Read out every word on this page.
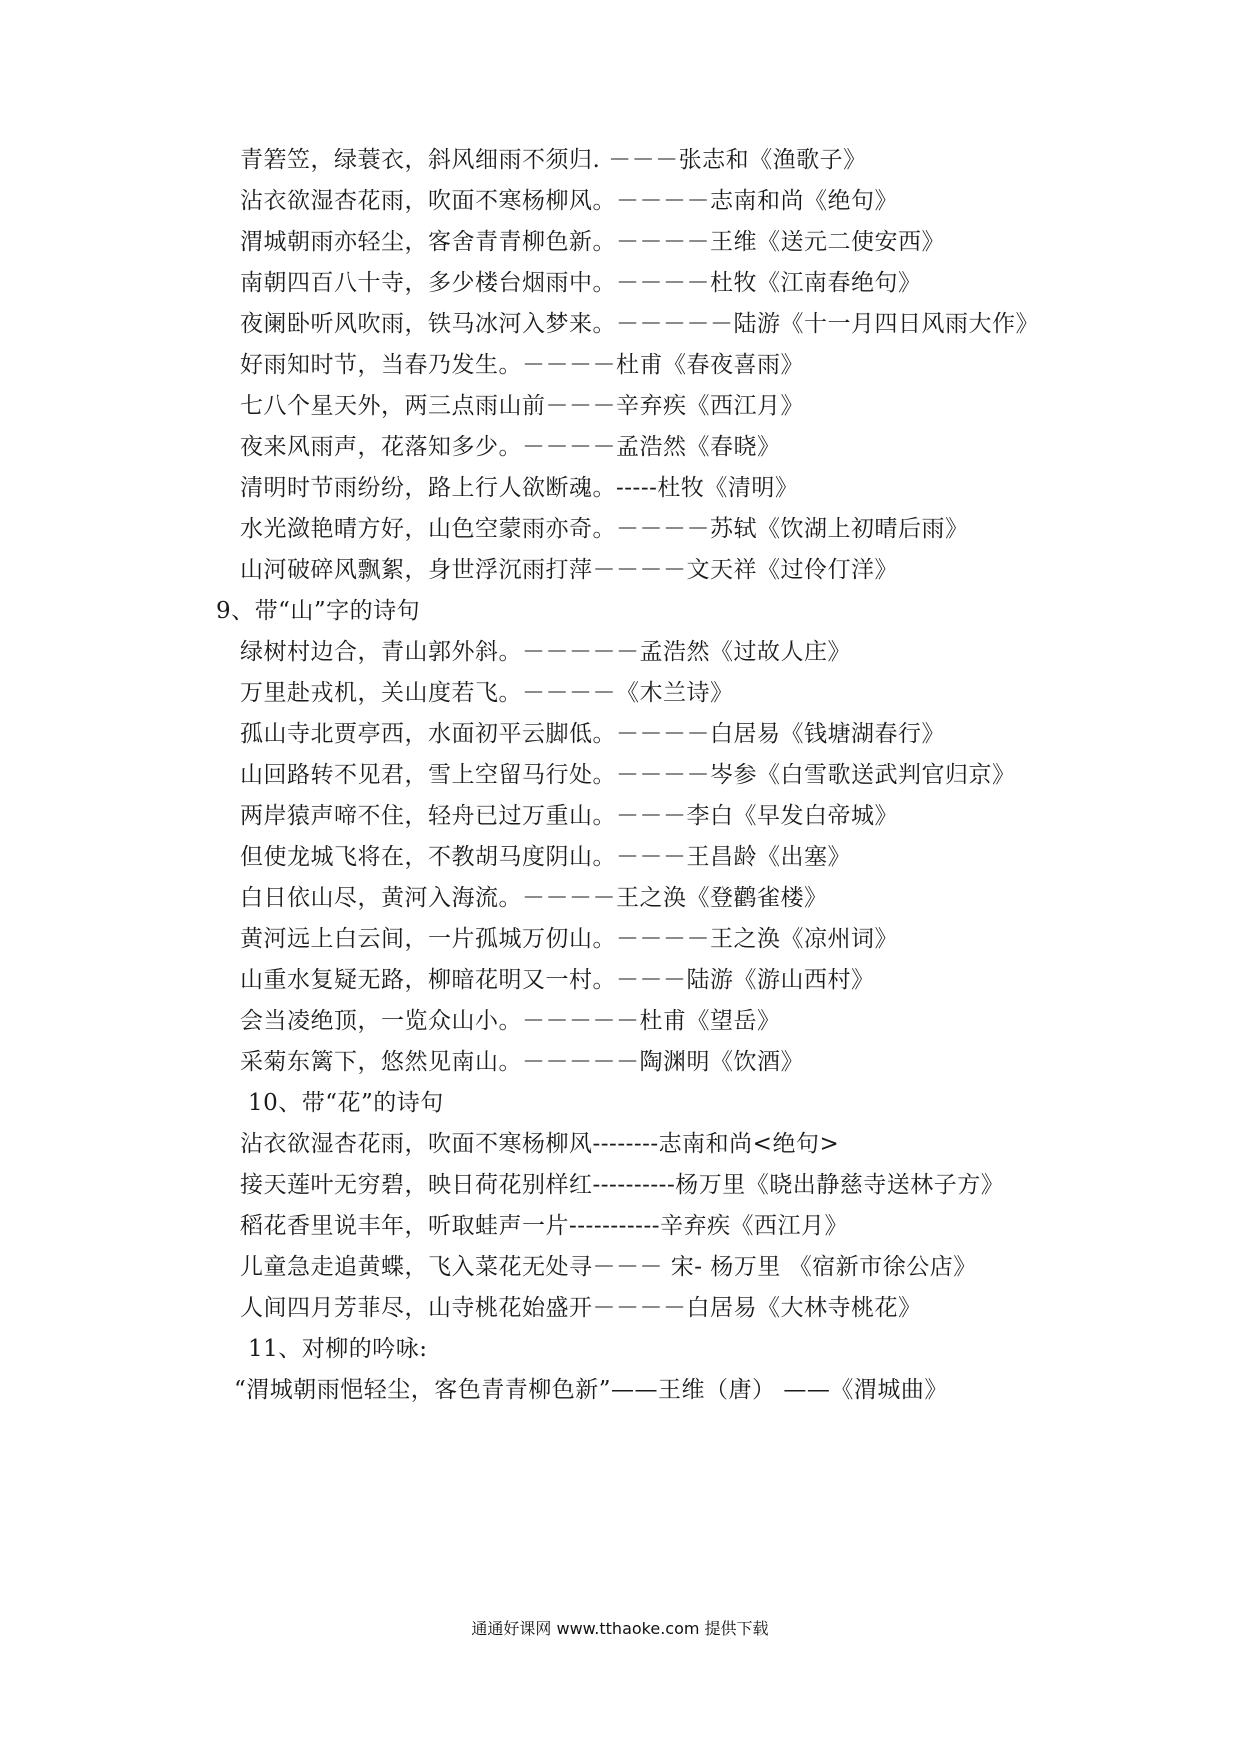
青箬笠，绿蓑衣，斜风细雨不须归. －－－张志和《渔歌子》
沾衣欲湿杏花雨，吹面不寒杨柳风。－－－－志南和尚《绝句》
渭城朝雨亦轻尘，客舍青青柳色新。－－－－王维《送元二使安西》
南朝四百八十寺，多少楼台烟雨中。－－－－杜牧《江南春绝句》
夜阑卧听风吹雨，铁马冰河入梦来。－－－－－陆游《十一月四日风雨大作》
好雨知时节，当春乃发生。－－－－杜甫《春夜喜雨》
七八个星天外，两三点雨山前－－－辛弃疾《西江月》
夜来风雨声，花落知多少。－－－－孟浩然《春晓》
清明时节雨纷纷，路上行人欲断魂。-----杜牧《清明》
水光潋艳晴方好，山色空蒙雨亦奇。－－－－苏轼《饮湖上初晴后雨》
山河破碎风飘絮，身世浮沉雨打萍－－－－文天祥《过伶仃洋》
9、带“山”字的诗句
绿树村边合，青山郭外斜。－－－－－孟浩然《过故人庄》
万里赴戎机，关山度若飞。－－－－《木兰诗》
孤山寺北贾亭西，水面初平云脚低。－－－－白居易《钱塘湖春行》
山回路转不见君，雪上空留马行处。－－－－岑参《白雪歌送武判官归京》
两岸猿声啼不住，轻舟已过万重山。－－－李白《早发白帝城》
但使龙城飞将在，不教胡马度阴山。－－－王昌龄《出塞》
白日依山尽，黄河入海流。－－－－王之涣《登鹳雀楼》
黄河远上白云间，一片孤城万仞山。－－－－王之涣《凉州词》
山重水复疑无路，柳暗花明又一村。－－－陆游《游山西村》
会当凌绝顶，一览众山小。－－－－－杜甫《望岳》
采菊东篱下，悠然见南山。－－－－－陶渊明《饮酒》
10、带“花”的诗句
沾衣欲湿杏花雨，吹面不寒杨柳风--------志南和尚<绝句>
接天莲叶无穷碧，映日荷花别样红----------杨万里《晓出静慈寺送林子方》
稻花香里说丰年，听取蛙声一片-----------辛弃疾《西江月》
儿童急走追黄蝶，飞入菜花无处寻－－－ 宋- 杨万里 《宿新市徐公店》
人间四月芳菲尽，山寺桃花始盛开－－－－白居易《大林寺桃花》
11、对柳的吟咏:
“渭城朝雨悒轻尘，客色青青柳色新”——王维（唐） ——《渭城曲》
通通好课网 www.tthaoke.com 提供下载
